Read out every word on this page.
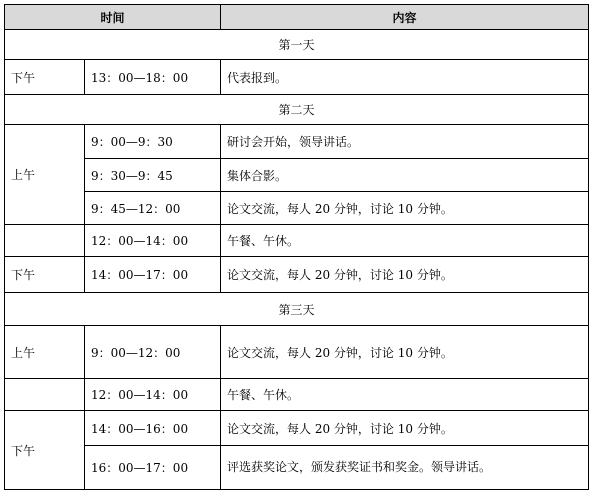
时间		内容
第一天		
下午	13：00—18：00	代表报到。
第二天		
上午	9：00—9：30	研讨会开始，领导讲话。
	9：30—9：45	集体合影。
	9：45—12：00	论文交流，每人 20 分钟，讨论 10 分钟。
	12：00—14：00	午餐、午休。
下午	14：00—17：00	论文交流，每人 20 分钟，讨论 10 分钟。
第三天		
上午	9：00—12：00	论文交流，每人 20 分钟，讨论 10 分钟。
	12：00—14：00	午餐、午休。
下午	14：00—16：00	论文交流，每人 20 分钟，讨论 10 分钟。
	16：00—17：00	评选获奖论文，颁发获奖证书和奖金。领导讲话。
